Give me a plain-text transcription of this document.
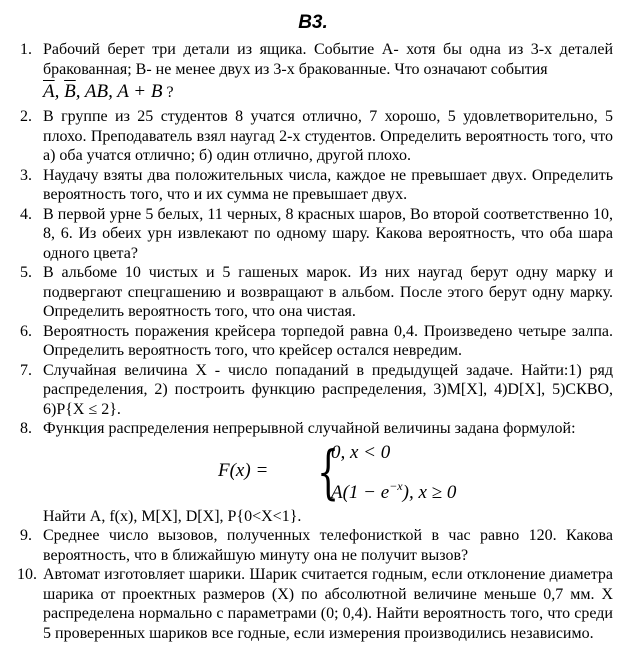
B3.
1. Рабочий берет три детали из ящика. Событие А- хотя бы одна из 3-х деталей бракованная; В- не менее двух из 3-х бракованные. Что означают события
$\overline{A}$, $\overline{B}$, AB, A + B ?
2. В группе из 25 студентов 8 учатся отлично, 7 хорошо, 5 удовлетворительно, 5 плохо. Преподаватель взял наугад 2-х студентов. Определить вероятность того, что а) оба учатся отлично; б) один отлично, другой плохо.
3. Наудачу взяты два положительных числа, каждое не превышает двух. Определить вероятность того, что и их сумма не превышает двух.
4. В первой урне 5 белых, 11 черных, 8 красных шаров, Во второй соответственно 10, 8, 6. Из обеих урн извлекают по одному шару. Какова вероятность, что оба шара одного цвета?
5. В альбоме 10 чистых и 5 гашеных марок. Из них наугад берут одну марку и подвергают спецгашению и возвращают в альбом. После этого берут одну марку. Определить вероятность того, что она чистая.
6. Вероятность поражения крейсера торпедой равна 0,4. Произведено четыре залпа. Определить вероятность того, что крейсер остался невредим.
7. Случайная величина Х - число попаданий в предыдущей задаче. Найти:1) ряд распределения, 2) построить функцию распределения, 3)M[X], 4)D[X], 5)СКВО, 6)P{X ≤ 2}.
8. Функция распределения непрерывной случайной величины задана формулой:
F(x) = {
0, x < 0
$A(1 - e^{-x})$, x ≥ 0
Найти А, f(x), M[X], D[X], P{0<X<1}.
9. Среднее число вызовов, полученных телефонисткой в час равно 120. Какова вероятность, что в ближайшую минуту она не получит вызов?
10. Автомат изготовляет шарики. Шарик считается годным, если отклонение диаметра шарика от проектных размеров (Х) по абсолютной величине меньше 0,7 мм. Х распределена нормально с параметрами (0; 0,4). Найти вероятность того, что среди 5 проверенных шариков все годные, если измерения производились независимо.
